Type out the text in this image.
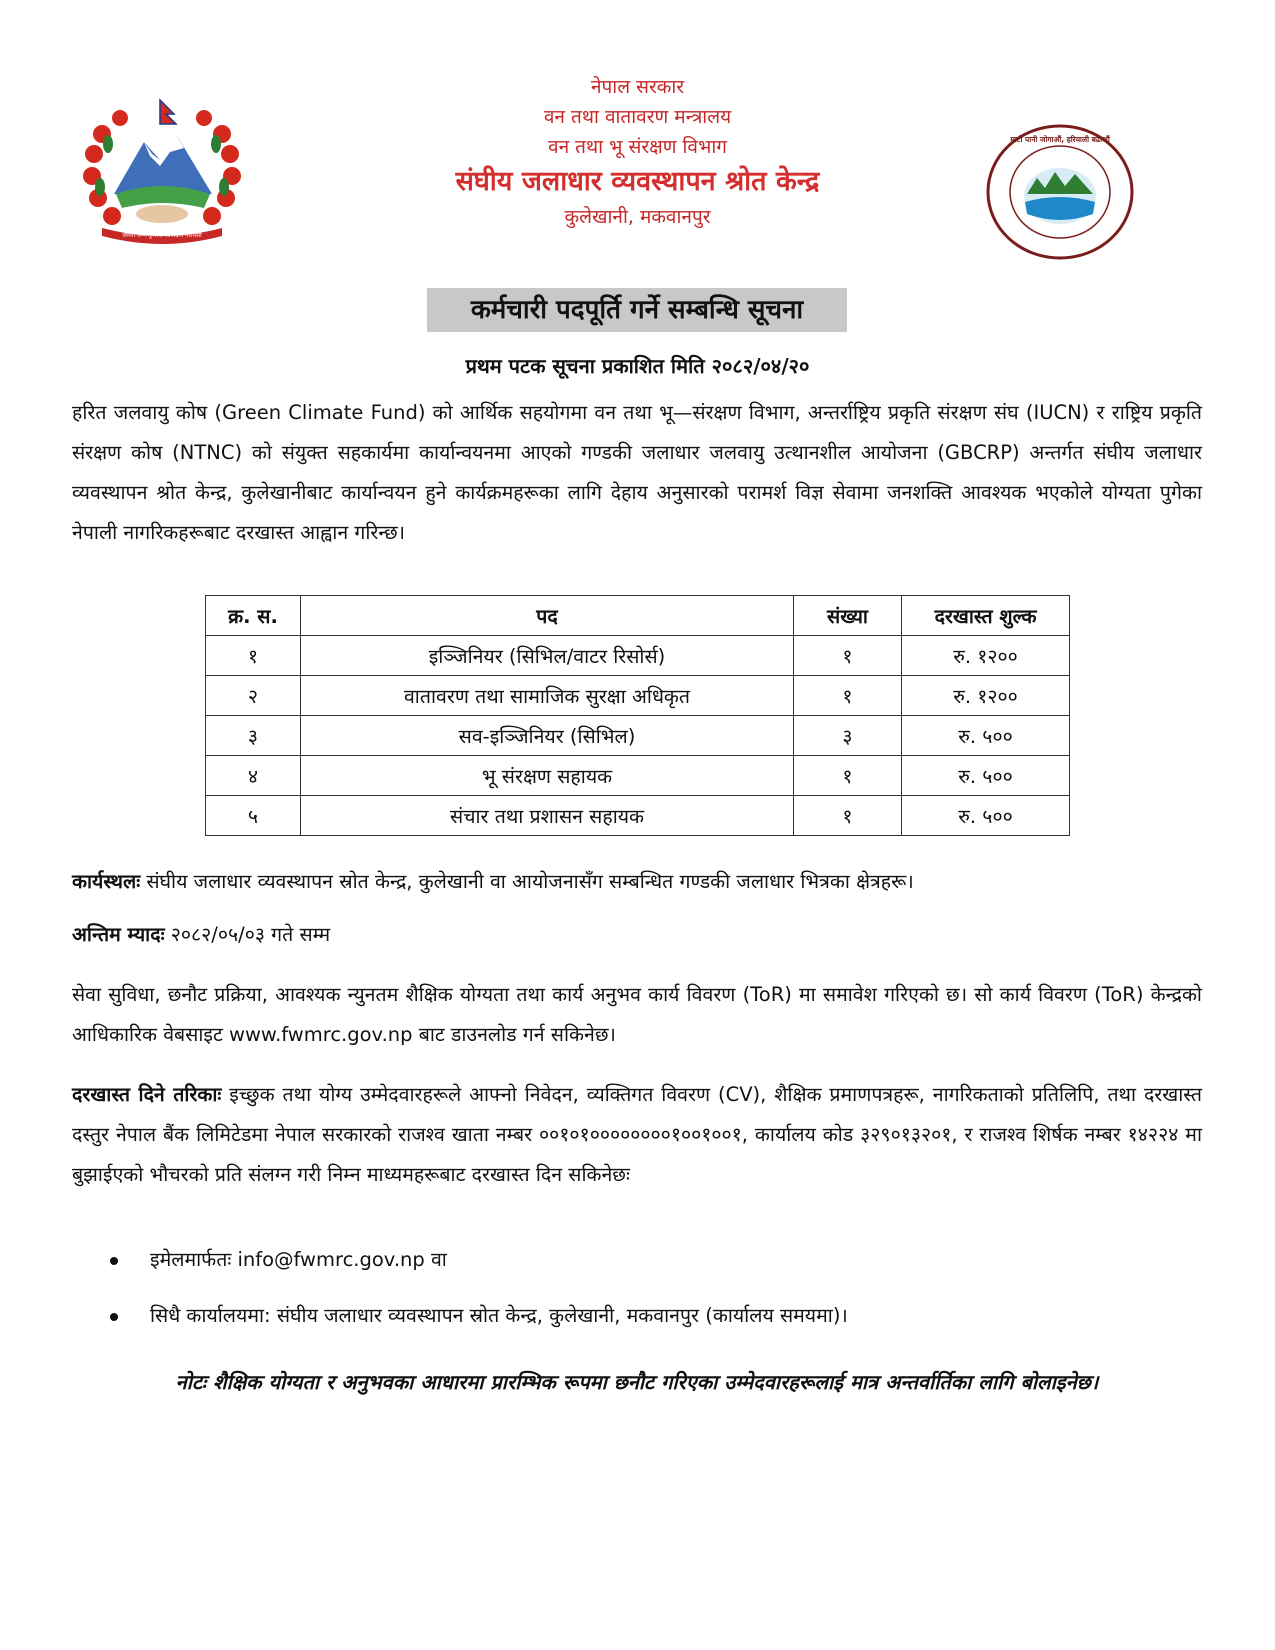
जननी जन्मभूमिश्च स्वर्गादपि गरीयसी
नेपाल सरकार
वन तथा वातावरण मन्त्रालय
वन तथा भू संरक्षण विभाग
संघीय जलाधार व्यवस्थापन श्रोत केन्द्र
कुलेखानी, मकवानपुर
माटो पानी जोगाऔं, हरियाली बढाऔं
कर्मचारी पदपूर्ति गर्ने सम्बन्धि सूचना
प्रथम पटक सूचना प्रकाशित मिति २०८२/०४/२०
हरित जलवायु कोष (Green Climate Fund) को आर्थिक सहयोगमा वन तथा भू—संरक्षण विभाग, अन्तर्राष्ट्रिय प्रकृति संरक्षण संघ (IUCN) र राष्ट्रिय प्रकृति संरक्षण कोष (NTNC) को संयुक्त सहकार्यमा कार्यान्वयनमा आएको गण्डकी जलाधार जलवायु उत्थानशील आयोजना (GBCRP) अन्तर्गत संघीय जलाधार व्यवस्थापन श्रोत केन्द्र, कुलेखानीबाट कार्यान्वयन हुने कार्यक्रमहरूका लागि देहाय अनुसारको परामर्श विज्ञ सेवामा जनशक्ति आवश्यक भएकोले योग्यता पुगेका नेपाली नागरिकहरूबाट दरखास्त आह्वान गरिन्छ।
क्र. स.	पद	संख्या	दरखास्त शुल्क
१	इञ्जिनियर (सिभिल/वाटर रिसोर्स)	१	रु. १२००
२	वातावरण तथा सामाजिक सुरक्षा अधिकृत	१	रु. १२००
३	सव-इञ्जिनियर (सिभिल)	३	रु. ५००
४	भू संरक्षण सहायक	१	रु. ५००
५	संचार तथा प्रशासन सहायक	१	रु. ५००
कार्यस्थलः संघीय जलाधार व्यवस्थापन स्रोत केन्द्र, कुलेखानी वा आयोजनासँग सम्बन्धित गण्डकी जलाधार भित्रका क्षेत्रहरू।
अन्तिम म्यादः २०८२/०५/०३ गते सम्म
सेवा सुविधा, छनौट प्रक्रिया, आवश्यक न्युनतम शैक्षिक योग्यता तथा कार्य अनुभव कार्य विवरण (ToR) मा समावेश गरिएको छ। सो कार्य विवरण (ToR) केन्द्रको आधिकारिक वेबसाइट www.fwmrc.gov.np बाट डाउनलोड गर्न सकिनेछ।
दरखास्त दिने तरिकाः इच्छुक तथा योग्य उम्मेदवारहरूले आफ्नो निवेदन, व्यक्तिगत विवरण (CV), शैक्षिक प्रमाणपत्रहरू, नागरिकताको प्रतिलिपि, तथा दरखास्त दस्तुर नेपाल बैंक लिमिटेडमा नेपाल सरकारको राजश्व खाता नम्बर ००१०१००००००००१००१००१, कार्यालय कोड ३२९०१३२०१, र राजश्व शिर्षक नम्बर १४२२४ मा बुझाईएको भौचरको प्रति संलग्न गरी निम्न माध्यमहरूबाट दरखास्त दिन सकिनेछः
इमेलमार्फतः info@fwmrc.gov.np वा
सिधै कार्यालयमा: संघीय जलाधार व्यवस्थापन स्रोत केन्द्र, कुलेखानी, मकवानपुर (कार्यालय समयमा)।
नोटः शैक्षिक योग्यता र अनुभवका आधारमा प्रारम्भिक रूपमा छनौट गरिएका उम्मेदवारहरूलाई मात्र अन्तर्वार्तिका लागि बोलाइनेछ।
